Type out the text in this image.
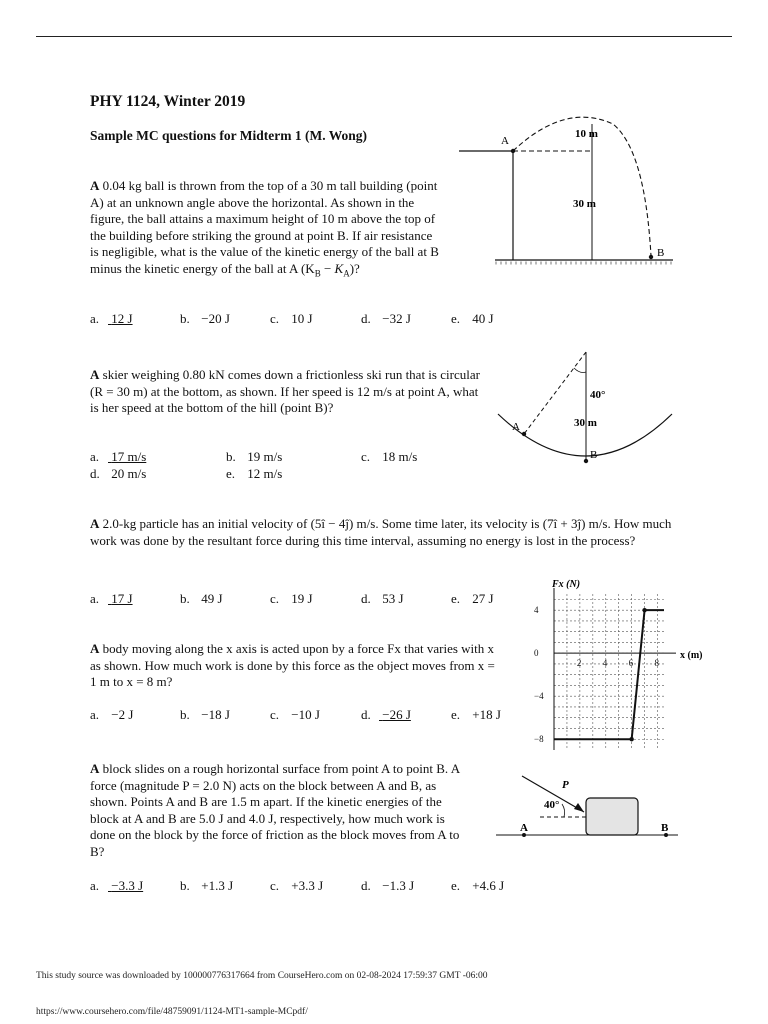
PHY 1124, Winter 2019
Sample MC questions for Midterm 1 (M. Wong)
A 0.04 kg ball is thrown from the top of a 30 m tall building (point A) at an unknown angle above the horizontal. As shown in the figure, the ball attains a maximum height of 10 m above the top of the building before striking the ground at point B. If air resistance is negligible, what is the value of the kinetic energy of the ball at B minus the kinetic energy of the ball at A $(K_B - K_A)$?
a. 12 J	b. −20 J	c. 10 J	d. −32 J	e. 40 J
A
B
10 m
30 m
A skier weighing 0.80 kN comes down a frictionless ski run that is circular (R = 30 m) at the bottom, as shown. If her speed is 12 m/s at point A, what is her speed at the bottom of the hill (point B)?
a. 17 m/s	b. 19 m/s	c. 18 m/s
d. 20 m/s	e. 12 m/s
40°
30 m
A
B
A 2.0-kg particle has an initial velocity of (5î − 4ĵ) m/s. Some time later, its velocity is (7î + 3ĵ) m/s. How much work was done by the resultant force during this time interval, assuming no energy is lost in the process?
a. 17 J	b. 49 J	c. 19 J	d. 53 J	e. 27 J
A body moving along the x axis is acted upon by a force Fx that varies with x as shown. How much work is done by this force as the object moves from x = 1 m to x = 8 m?
a. −2 J	b. −18 J	c. −10 J	d. −26 J	e. +18 J
2 4 6 8
4
0
−4
−8
Fx (N)
x (m)
A block slides on a rough horizontal surface from point A to point B. A force (magnitude P = 2.0 N) acts on the block between A and B, as shown. Points A and B are 1.5 m apart. If the kinetic energies of the block at A and B are 5.0 J and 4.0 J, respectively, how much work is done on the block by the force of friction as the block moves from A to B?
a. −3.3 J	b. +1.3 J	c. +3.3 J	d. −1.3 J	e. +4.6 J
P
40°
A	B
This study source was downloaded by 100000776317664 from CourseHero.com on 02-08-2024 17:59:37 GMT -06:00
https://www.coursehero.com/file/48759091/1124-MT1-sample-MCpdf/
